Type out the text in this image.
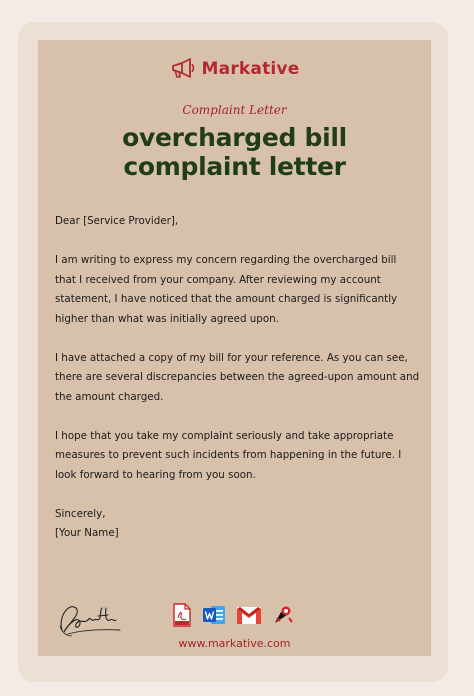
Markative
Complaint Letter
overcharged bill
complaint letter

Dear [Service Provider],

I am writing to express my concern regarding the overcharged bill that I received from your company. After reviewing my account statement, I have noticed that the amount charged is significantly higher than what was initially agreed upon.

I have attached a copy of my bill for your reference. As you can see, there are several discrepancies between the agreed-upon amount and the amount charged.

I hope that you take my complaint seriously and take appropriate measures to prevent such incidents from happening in the future. I look forward to hearing from you soon.

Sincerely,

[Your Name]

www.markative.com
